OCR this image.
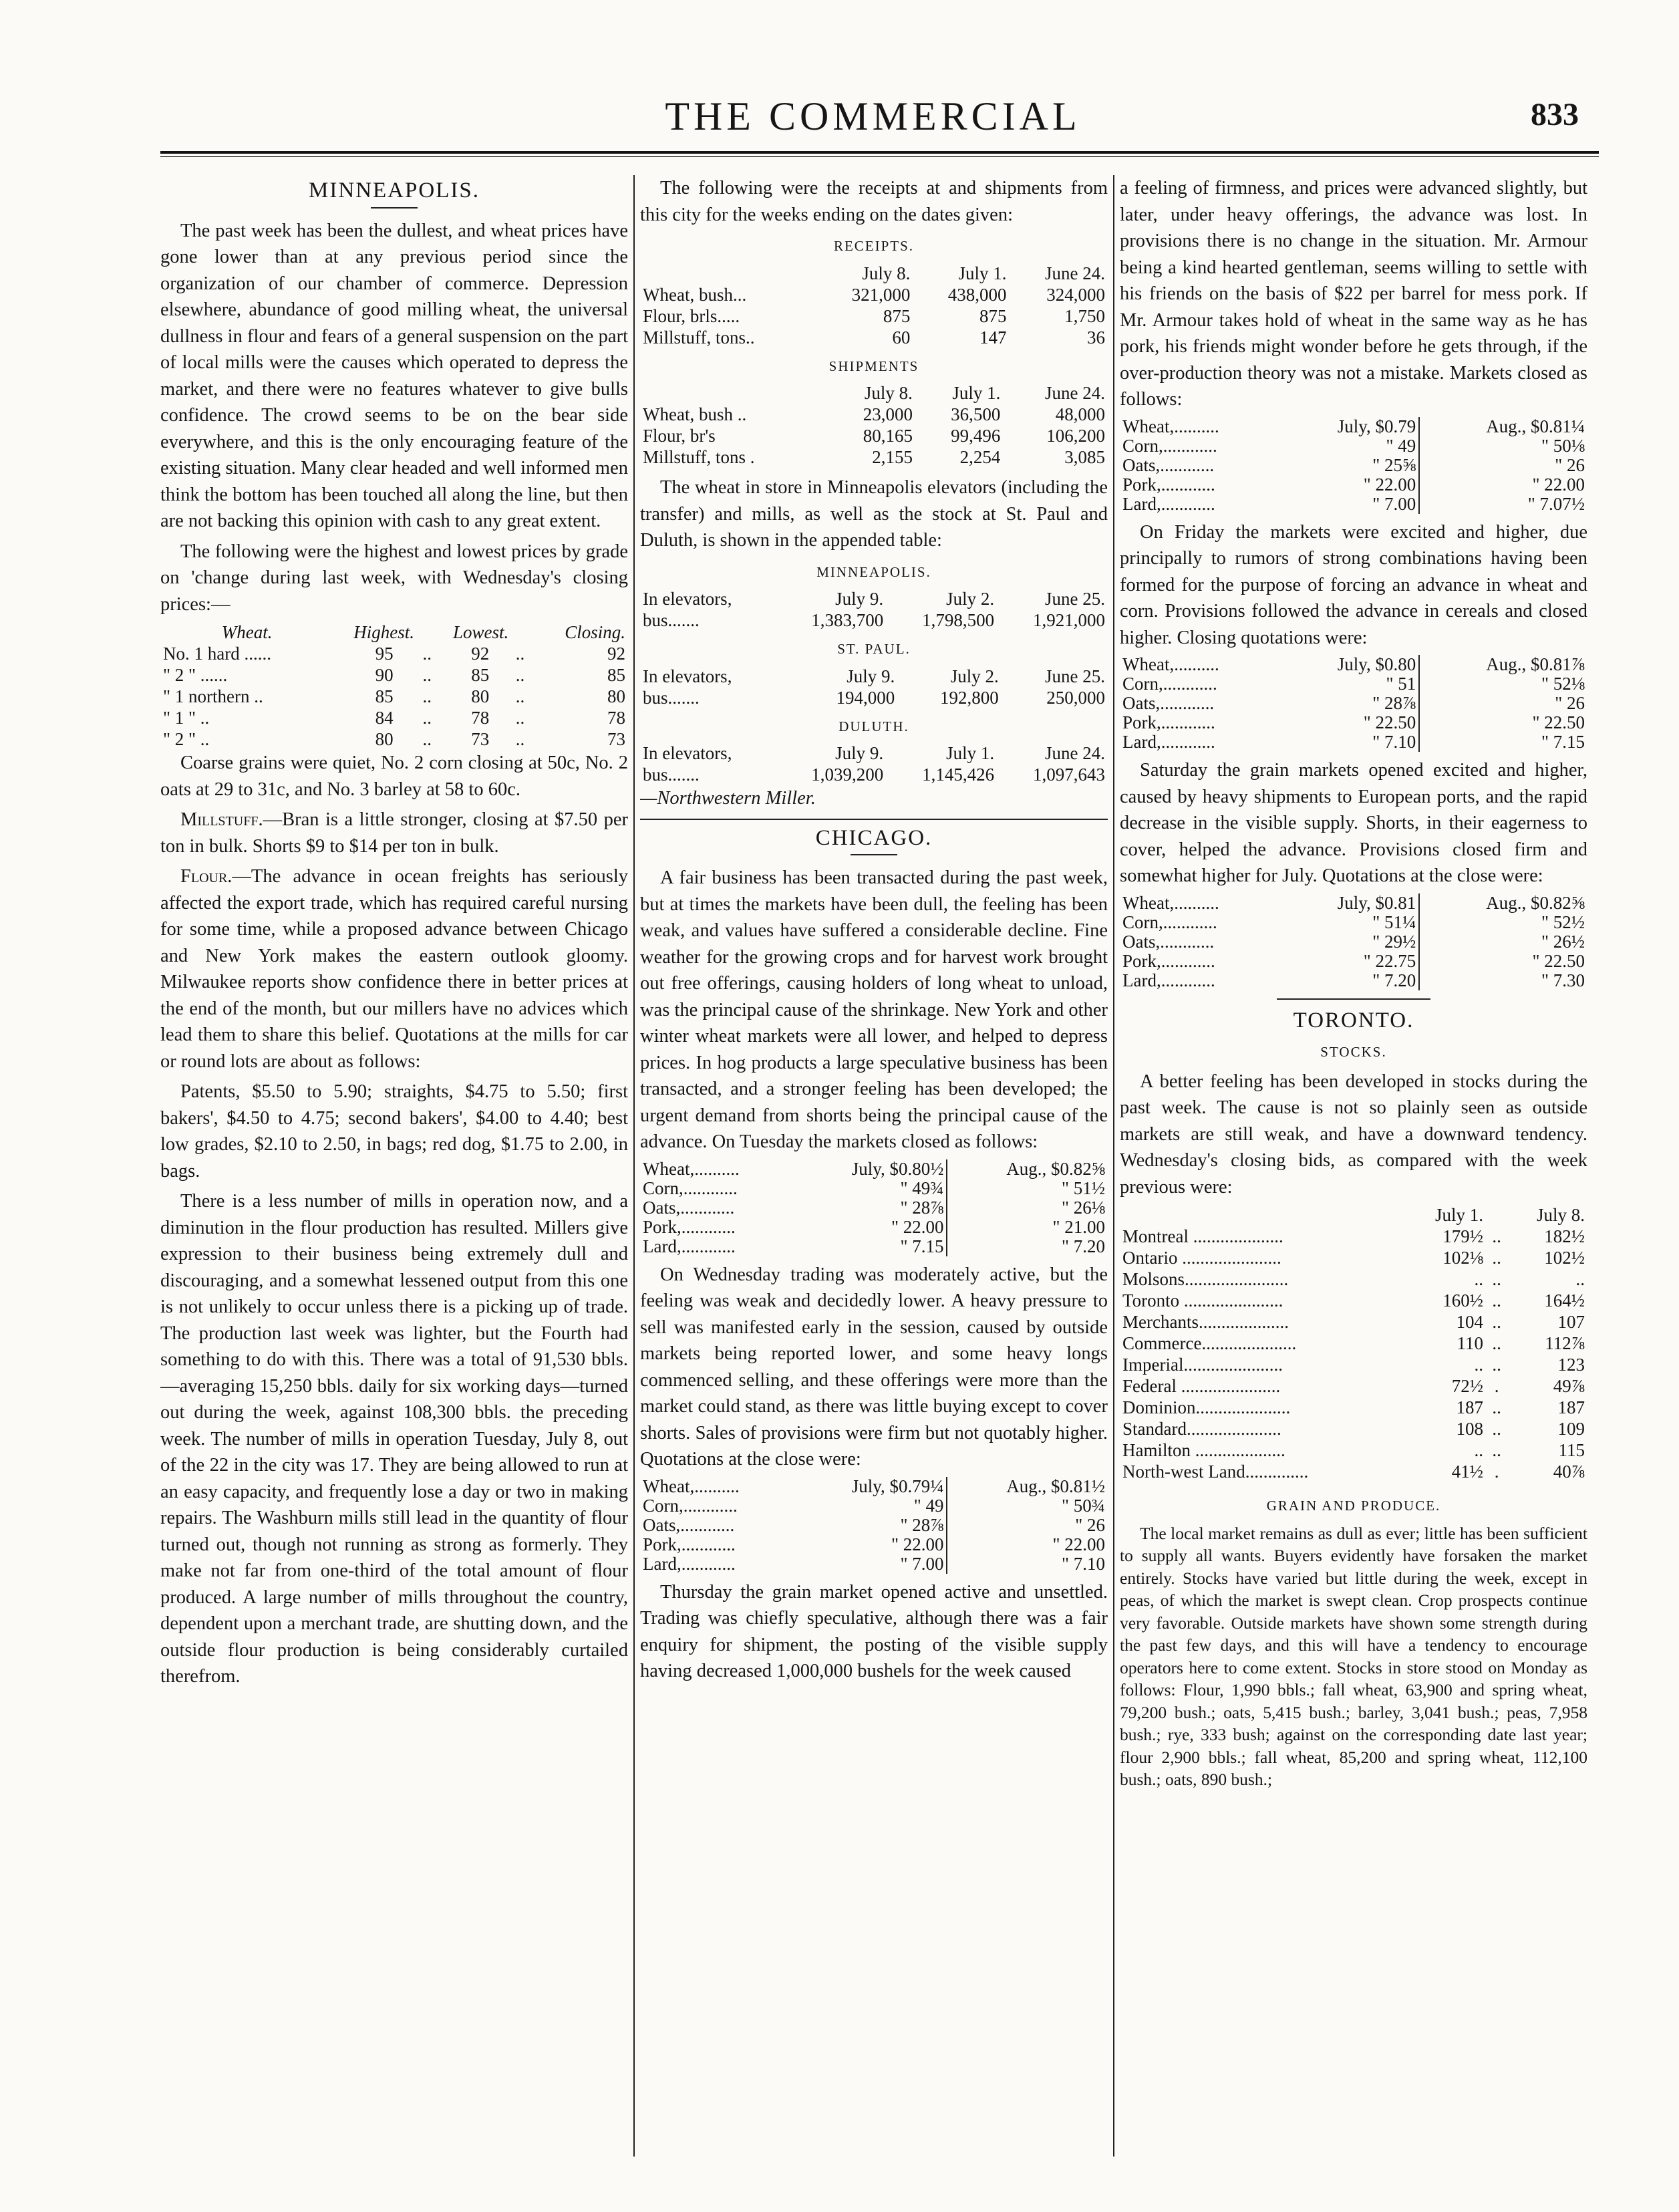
THE COMMERCIAL	833
MINNEAPOLIS.

The past week has been the dullest, and wheat prices have gone lower than at any previous period since the organization of our chamber of commerce. Depression elsewhere, abundance of good milling wheat, the universal dullness in flour and fears of a general suspension on the part of local mills were the causes which operated to depress the market, and there were no features whatever to give bulls confidence. The crowd seems to be on the bear side everywhere, and this is the only encouraging feature of the existing situation. Many clear headed and well informed men think the bottom has been touched all along the line, but then are not backing this opinion with cash to any great extent.

The following were the highest and lowest prices by grade on 'change during last week, with Wednesday's closing prices:—

Wheat.	Highest.		Lowest.		Closing.
No. 1 hard ......	95	..	92	..	92
" 2 " ......	90	..	85	..	85
" 1 northern ..	85	..	80	..	80
" 1 " ..	84	..	78	..	78
" 2 " ..	80	..	73	..	73

Coarse grains were quiet, No. 2 corn closing at 50c, No. 2 oats at 29 to 31c, and No. 3 barley at 58 to 60c.

Millstuff.—Bran is a little stronger, closing at $7.50 per ton in bulk. Shorts $9 to $14 per ton in bulk.

Flour.—The advance in ocean freights has seriously affected the export trade, which has required careful nursing for some time, while a proposed advance between Chicago and New York makes the eastern outlook gloomy. Milwaukee reports show confidence there in better prices at the end of the month, but our millers have no advices which lead them to share this belief. Quotations at the mills for car or round lots are about as follows:

Patents, $5.50 to 5.90; straights, $4.75 to 5.50; first bakers', $4.50 to 4.75; second bakers', $4.00 to 4.40; best low grades, $2.10 to 2.50, in bags; red dog, $1.75 to 2.00, in bags.

There is a less number of mills in operation now, and a diminution in the flour production has resulted. Millers give expression to their business being extremely dull and discouraging, and a somewhat lessened output from this one is not unlikely to occur unless there is a picking up of trade. The production last week was lighter, but the Fourth had something to do with this. There was a total of 91,530 bbls.—averaging 15,250 bbls. daily for six working days—turned out during the week, against 108,300 bbls. the preceding week. The number of mills in operation Tuesday, July 8, out of the 22 in the city was 17. They are being allowed to run at an easy capacity, and frequently lose a day or two in making repairs. The Washburn mills still lead in the quantity of flour turned out, though not running as strong as formerly. They make not far from one-third of the total amount of flour produced. A large number of mills throughout the country, dependent upon a merchant trade, are shutting down, and the outside flour production is being considerably curtailed therefrom.

The following were the receipts at and shipments from this city for the weeks ending on the dates given:

RECEIPTS.
	July 8.	July 1.	June 24.
Wheat, bush...	321,000	438,000	324,000
Flour, brls.....	875	875	1,750
Millstuff, tons..	60	147	36
SHIPMENTS
	July 8.	July 1.	June 24.
Wheat, bush ..	23,000	36,500	48,000
Flour, br's	80,165	99,496	106,200
Millstuff, tons .	2,155	2,254	3,085

The wheat in store in Minneapolis elevators (including the transfer) and mills, as well as the stock at St. Paul and Duluth, is shown in the appended table:

MINNEAPOLIS.
In elevators,	July 9.	July 2.	June 25.
bus.......	1,383,700	1,798,500	1,921,000
ST. PAUL.
In elevators,	July 9.	July 2.	June 25.
bus.......	194,000	192,800	250,000
DULUTH.
In elevators,	July 9.	July 1.	June 24.
bus.......	1,039,200	1,145,426	1,097,643

—Northwestern Miller.

CHICAGO.

A fair business has been transacted during the past week, but at times the markets have been dull, the feeling has been weak, and values have suffered a considerable decline. Fine weather for the growing crops and for harvest work brought out free offerings, causing holders of long wheat to unload, was the principal cause of the shrinkage. New York and other winter wheat markets were all lower, and helped to depress prices. In hog products a large speculative business has been transacted, and a stronger feeling has been developed; the urgent demand from shorts being the principal cause of the advance. On Tuesday the markets closed as follows:

Wheat,..........	July, $0.80½	Aug., $0.82⅝
Corn,............	" 49¾	" 51½
Oats,............	" 28⅞	" 26⅛
Pork,............	" 22.00	" 21.00
Lard,............	" 7.15	" 7.20

On Wednesday trading was moderately active, but the feeling was weak and decidedly lower. A heavy pressure to sell was manifested early in the session, caused by outside markets being reported lower, and some heavy longs commenced selling, and these offerings were more than the market could stand, as there was little buying except to cover shorts. Sales of provisions were firm but not quotably higher. Quotations at the close were:

Wheat,..........	July, $0.79¼	Aug., $0.81½
Corn,............	" 49	" 50¾
Oats,............	" 28⅞	" 26
Pork,............	" 22.00	" 22.00
Lard,............	" 7.00	" 7.10

Thursday the grain market opened active and unsettled. Trading was chiefly speculative, although there was a fair enquiry for shipment, the posting of the visible supply having decreased 1,000,000 bushels for the week caused

a feeling of firmness, and prices were advanced slightly, but later, under heavy offerings, the advance was lost. In provisions there is no change in the situation. Mr. Armour being a kind hearted gentleman, seems willing to settle with his friends on the basis of $22 per barrel for mess pork. If Mr. Armour takes hold of wheat in the same way as he has pork, his friends might wonder before he gets through, if the over-production theory was not a mistake. Markets closed as follows:

Wheat,..........	July, $0.79	Aug., $0.81¼
Corn,............	" 49	" 50⅛
Oats,............	" 25⅝	" 26
Pork,............	" 22.00	" 22.00
Lard,............	" 7.00	" 7.07½

On Friday the markets were excited and higher, due principally to rumors of strong combinations having been formed for the purpose of forcing an advance in wheat and corn. Provisions followed the advance in cereals and closed higher. Closing quotations were:

Wheat,..........	July, $0.80	Aug., $0.81⅞
Corn,............	" 51	" 52⅛
Oats,............	" 28⅞	" 26
Pork,............	" 22.50	" 22.50
Lard,............	" 7.10	" 7.15

Saturday the grain markets opened excited and higher, caused by heavy shipments to European ports, and the rapid decrease in the visible supply. Shorts, in their eagerness to cover, helped the advance. Provisions closed firm and somewhat higher for July. Quotations at the close were:

Wheat,..........	July, $0.81	Aug., $0.82⅝
Corn,............	" 51¼	" 52½
Oats,............	" 29½	" 26½
Pork,............	" 22.75	" 22.50
Lard,............	" 7.20	" 7.30
TORONTO.
STOCKS.

A better feeling has been developed in stocks during the past week. The cause is not so plainly seen as outside markets are still weak, and have a downward tendency. Wednesday's closing bids, as compared with the week previous were:

	July 1.		July 8.
Montreal ....................	179½	..	182½
Ontario ......................	102⅛	..	102½
Molsons.......................	..	..	..
Toronto ......................	160½	..	164½
Merchants....................	104	..	107
Commerce.....................	110	..	112⅞
Imperial......................	..	..	123
Federal ......................	72½	.	49⅞
Dominion.....................	187	..	187
Standard.....................	108	..	109
Hamilton ....................	..	..	115
North-west Land..............	41½	.	40⅞
GRAIN AND PRODUCE.

The local market remains as dull as ever; little has been sufficient to supply all wants. Buyers evidently have forsaken the market entirely. Stocks have varied but little during the week, except in peas, of which the market is swept clean. Crop prospects continue very favorable. Outside markets have shown some strength during the past few days, and this will have a tendency to encourage operators here to come extent. Stocks in store stood on Monday as follows: Flour, 1,990 bbls.; fall wheat, 63,900 and spring wheat, 79,200 bush.; oats, 5,415 bush.; barley, 3,041 bush.; peas, 7,958 bush.; rye, 333 bush; against on the corresponding date last year; flour 2,900 bbls.; fall wheat, 85,200 and spring wheat, 112,100 bush.; oats, 890 bush.;
